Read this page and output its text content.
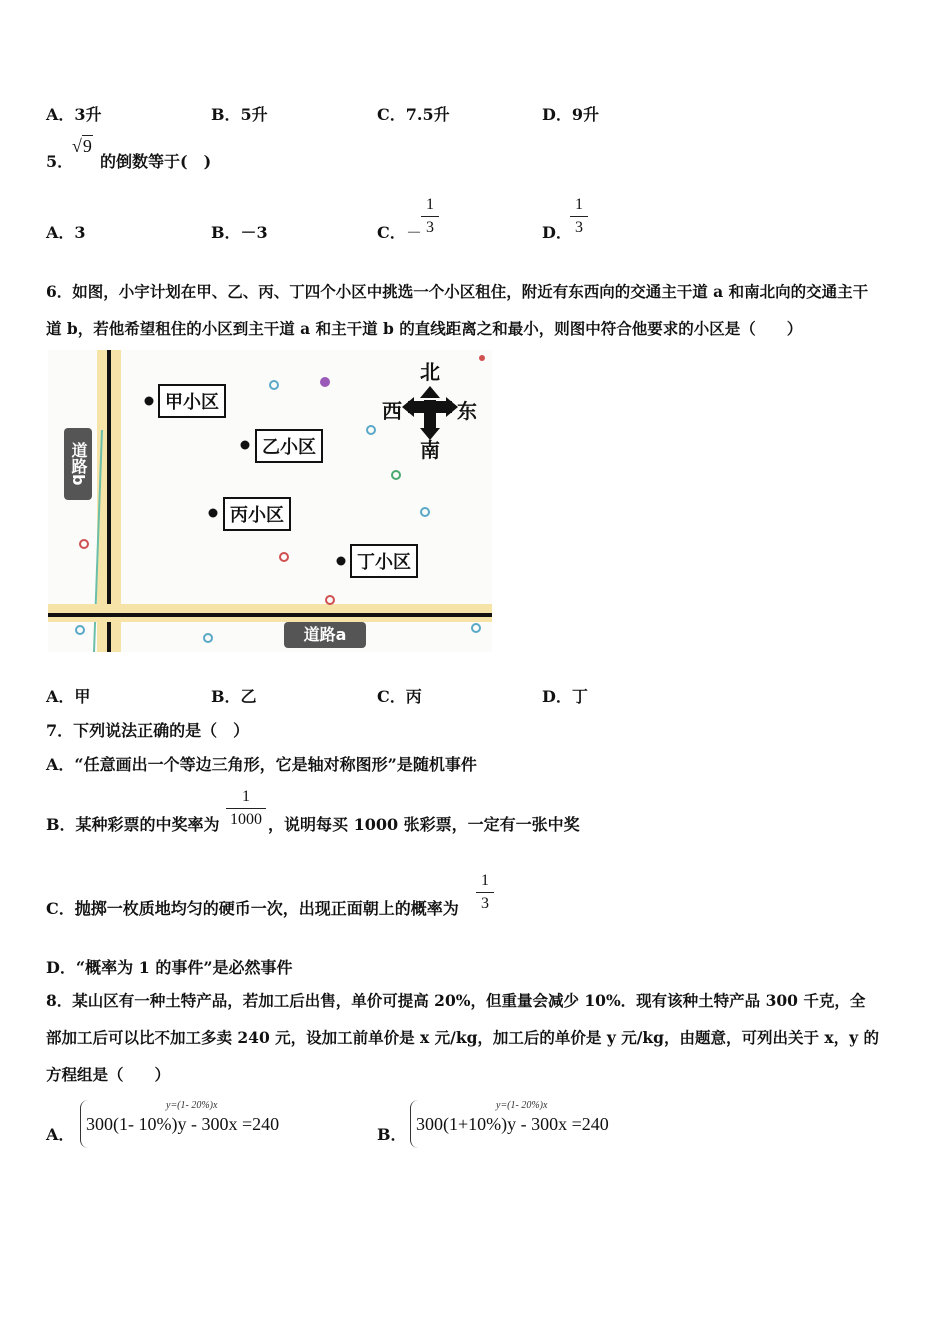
A．3升	B．5升	C．7.5升	D．9升
5．
√9
的倒数等于(　)
A．3	B．－3	C． －
1
3	D．
1
3
6．如图，小宇计划在甲、乙、丙、丁四个小区中挑选一个小区租住，附近有东西向的交通主干道 a 和南北向的交通主干
道 b，若他希望租住的小区到主干道 a 和主干道 b 的直线距离之和最小，则图中符合他要求的小区是（　　）
北
南
西	东
甲小区
乙小区
丙小区
丁小区
道路b
道路a
A．甲	B．乙	C．丙	D．丁
7．下列说法正确的是（　）
A．“任意画出一个等边三角形，它是轴对称图形”是随机事件
B．某种彩票的中奖率为
1
1000 ，说明每买 1000 张彩票，一定有一张中奖
C．抛掷一枚质地均匀的硬币一次，出现正面朝上的概率为
1
3
D．“概率为 1 的事件”是必然事件
8．某山区有一种土特产品，若加工后出售，单价可提高 20%，但重量会减少 10%．现有该种土特产品 300 千克，全
部加工后可以比不加工多卖 240 元，设加工前单价是 x 元/kg，加工后的单价是 y 元/kg，由题意，可列出关于 x，y 的
方程组是（　　）
A．
y=(1- 20%)x
300(1- 10%)y - 300x =240
B．
y=(1- 20%)x
300(1+10%)y - 300x =240
